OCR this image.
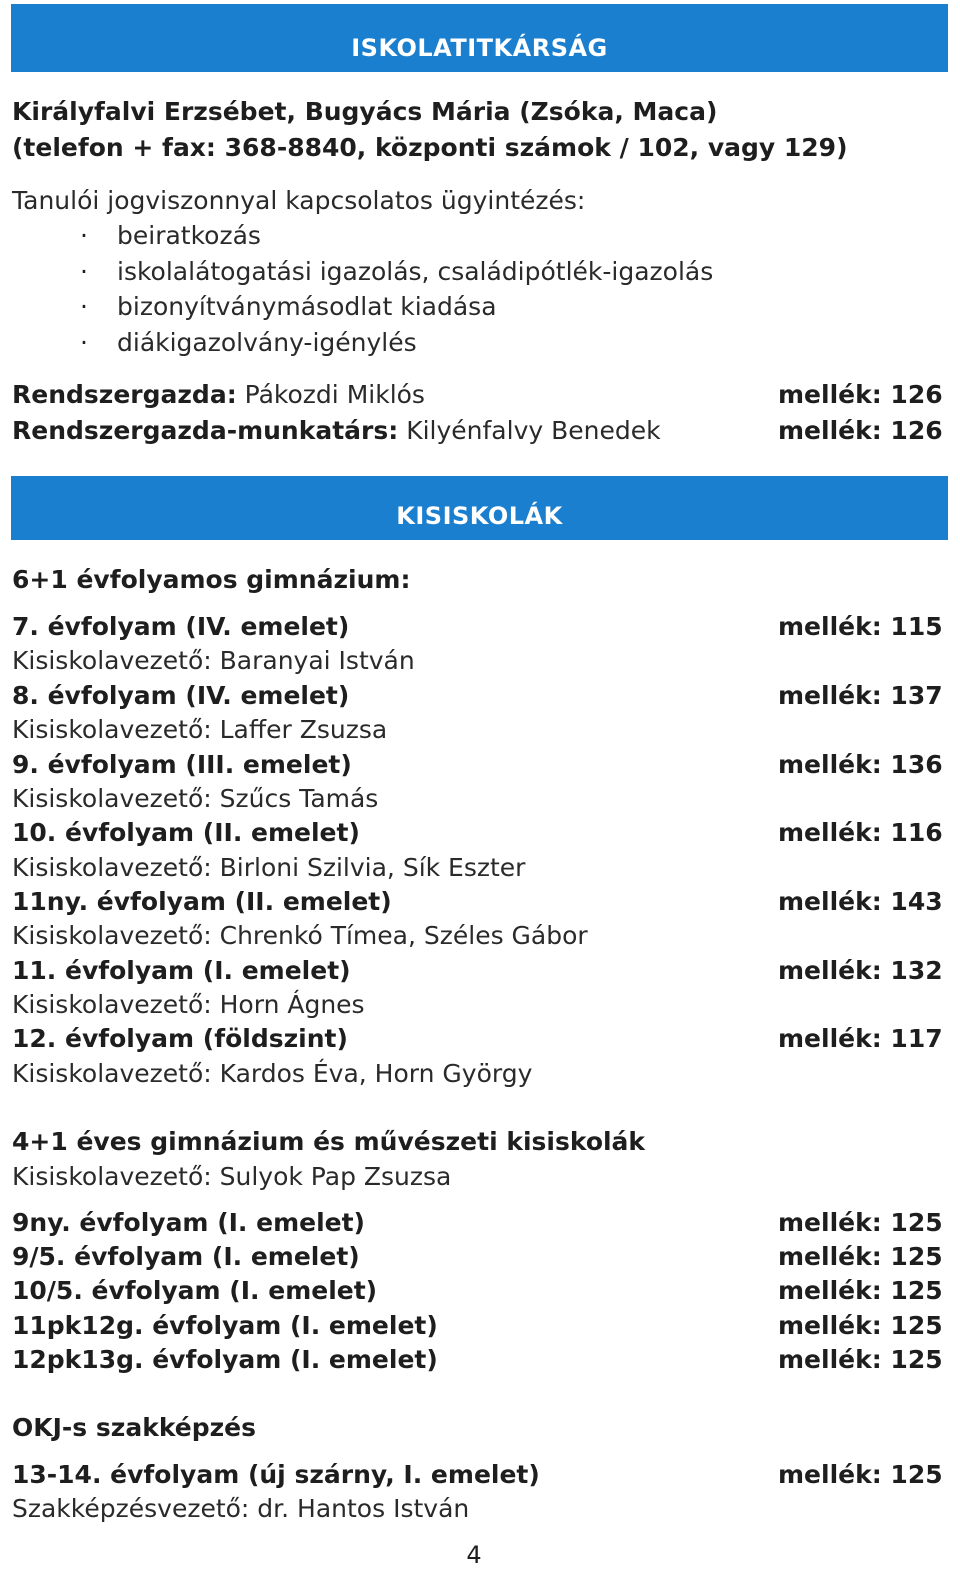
ISKOLATITKÁRSÁG
Királyfalvi Erzsébet, Bugyács Mária (Zsóka, Maca)
(telefon + fax: 368-8840, központi számok / 102, vagy 129)
Tanulói jogviszonnyal kapcsolatos ügyintézés:
· beiratkozás
· iskolalátogatási igazolás, családipótlék-igazolás
· bizonyítványmásodlat kiadása
· diákigazolvány-igénylés
Rendszergazda: Pákozdi Miklós	mellék: 126
Rendszergazda-munkatárs: Kilyénfalvy Benedek	mellék: 126
KISISKOLÁK
6+1 évfolyamos gimnázium:
7. évfolyam (IV. emelet)	mellék: 115
Kisiskolavezető: Baranyai István
8. évfolyam (IV. emelet)	mellék: 137
Kisiskolavezető: Laffer Zsuzsa
9. évfolyam (III. emelet)	mellék: 136
Kisiskolavezető: Szűcs Tamás
10. évfolyam (II. emelet)	mellék: 116
Kisiskolavezető: Birloni Szilvia, Sík Eszter
11ny. évfolyam (II. emelet)	mellék: 143
Kisiskolavezető: Chrenkó Tímea, Széles Gábor
11. évfolyam (I. emelet)	mellék: 132
Kisiskolavezető: Horn Ágnes
12. évfolyam (földszint)	mellék: 117
Kisiskolavezető: Kardos Éva, Horn György
4+1 éves gimnázium és művészeti kisiskolák
Kisiskolavezető: Sulyok Pap Zsuzsa
9ny. évfolyam (I. emelet)	mellék: 125
9/5. évfolyam (I. emelet)	mellék: 125
10/5. évfolyam (I. emelet)	mellék: 125
11pk12g. évfolyam (I. emelet)	mellék: 125
12pk13g. évfolyam (I. emelet)	mellék: 125
OKJ-s szakképzés
13-14. évfolyam (új szárny, I. emelet)	mellék: 125
Szakképzésvezető: dr. Hantos István
4
